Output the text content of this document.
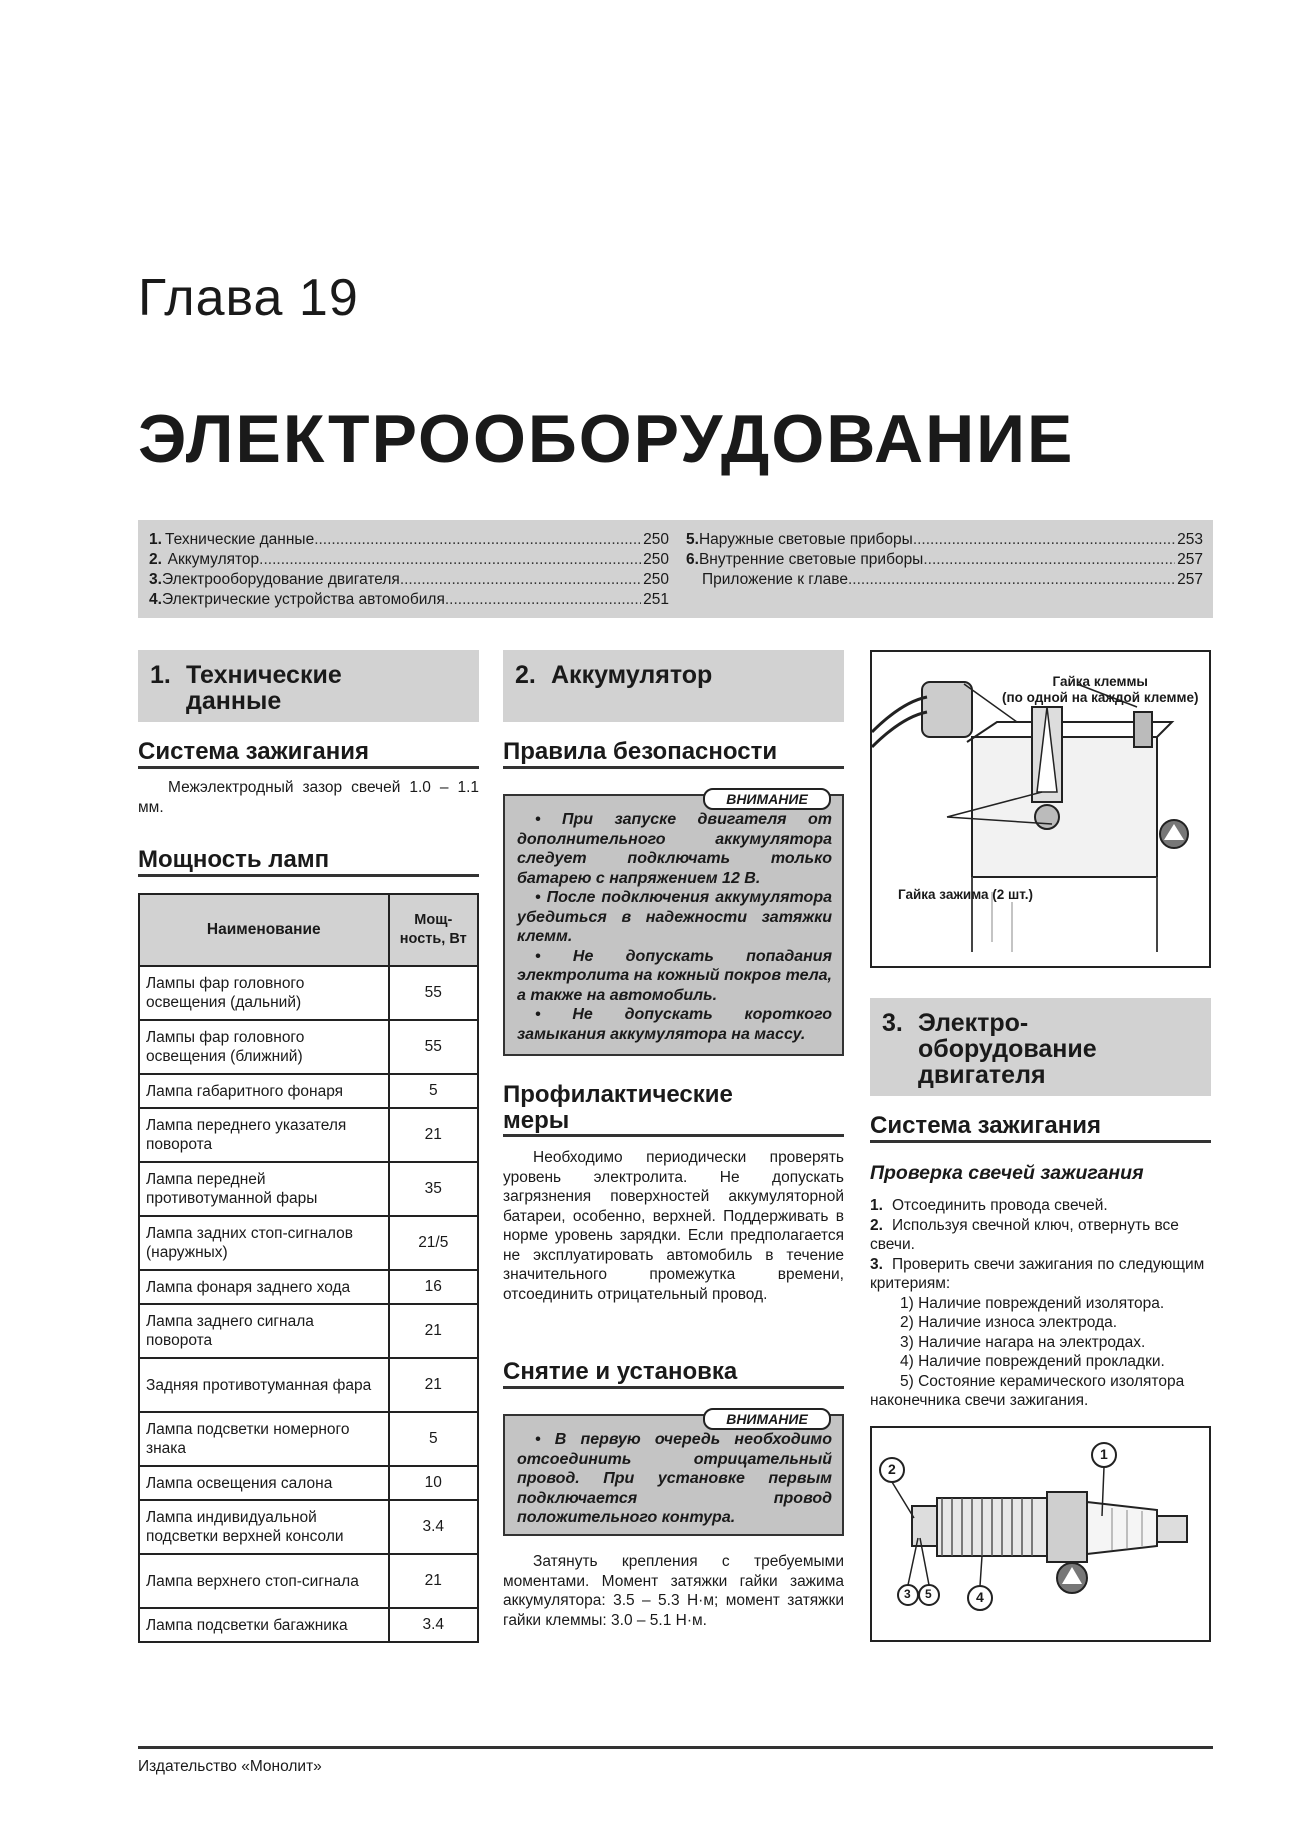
Глава 19
ЭЛЕКТРООБОРУДОВАНИЕ
1. Технические данные .....	250
2. Аккумулятор .....	250
3. Электрооборудование двигателя .....	250
4. Электрические устройства автомобиля .....	251
5. Наружные световые приборы .....	253
6. Внутренние световые приборы .....	257
Приложение к главе .....	257
1. Технические
данные
Система зажигания
Межэлектродный зазор свечей 1.0 – 1.1 мм.
Мощность ламп
Наименование	Мощ-ность, Вт
Лампы фар головного освещения (дальний)	55
Лампы фар головного освещения (ближний)	55
Лампа габаритного фонаря	5
Лампа переднего указателя поворота	21
Лампа передней противотуманной фары	35
Лампа задних стоп-сигналов (наружных)	21/5
Лампа фонаря заднего хода	16
Лампа заднего сигнала поворота	21
Задняя противотуманная фара	21
Лампа подсветки номерного знака	5
Лампа освещения салона	10
Лампа индивидуальной подсветки верхней консоли	3.4
Лампа верхнего стоп-сигнала	21
Лампа подсветки багажника	3.4
2. Аккумулятор
Правила безопасности
ВНИМАНИЕ
• При запуске двигателя от дополнительного аккумулятора следует подключать только батарею с напряжением 12 В.
• После подключения аккумулятора убедиться в надежности затяжки клемм.
• Не допускать попадания электролита на кожный покров тела, а также на автомобиль.
• Не допускать короткого замыкания аккумулятора на массу.
Профилактические
меры
Необходимо периодически проверять уровень электролита. Не допускать загрязнения поверхностей аккумуляторной батареи, особенно, верхней. Поддерживать в норме уровень зарядки. Если предполагается не эксплуатировать автомобиль в течение значительного промежутка времени, отсоединить отрицательный провод.
Снятие и установка
ВНИМАНИЕ
• В первую очередь необходимо отсоединить отрицательный провод. При установке первым подключается провод положительного контура.
Затянуть крепления с требуемыми моментами. Момент затяжки гайки зажима аккумулятора: 3.5 – 5.3 Н·м; момент затяжки гайки клеммы: 3.0 – 5.1 Н·м.
Гайка клеммы
(по одной на каждой клемме)
Гайка зажима (2 шт.)
3. Электро-
оборудование
двигателя
Система зажигания
Проверка свечей зажигания
1. Отсоединить провода свечей.
2. Используя свечной ключ, отвернуть все свечи.
3. Проверить свечи зажигания по следующим критериям:
1) Наличие повреждений изолятора.
2) Наличие износа электрода.
3) Наличие нагара на электродах.
4) Наличие повреждений прокладки.
5) Состояние керамического изолятора наконечника свечи зажигания.
1
2
3	4
5
Издательство «Монолит»
